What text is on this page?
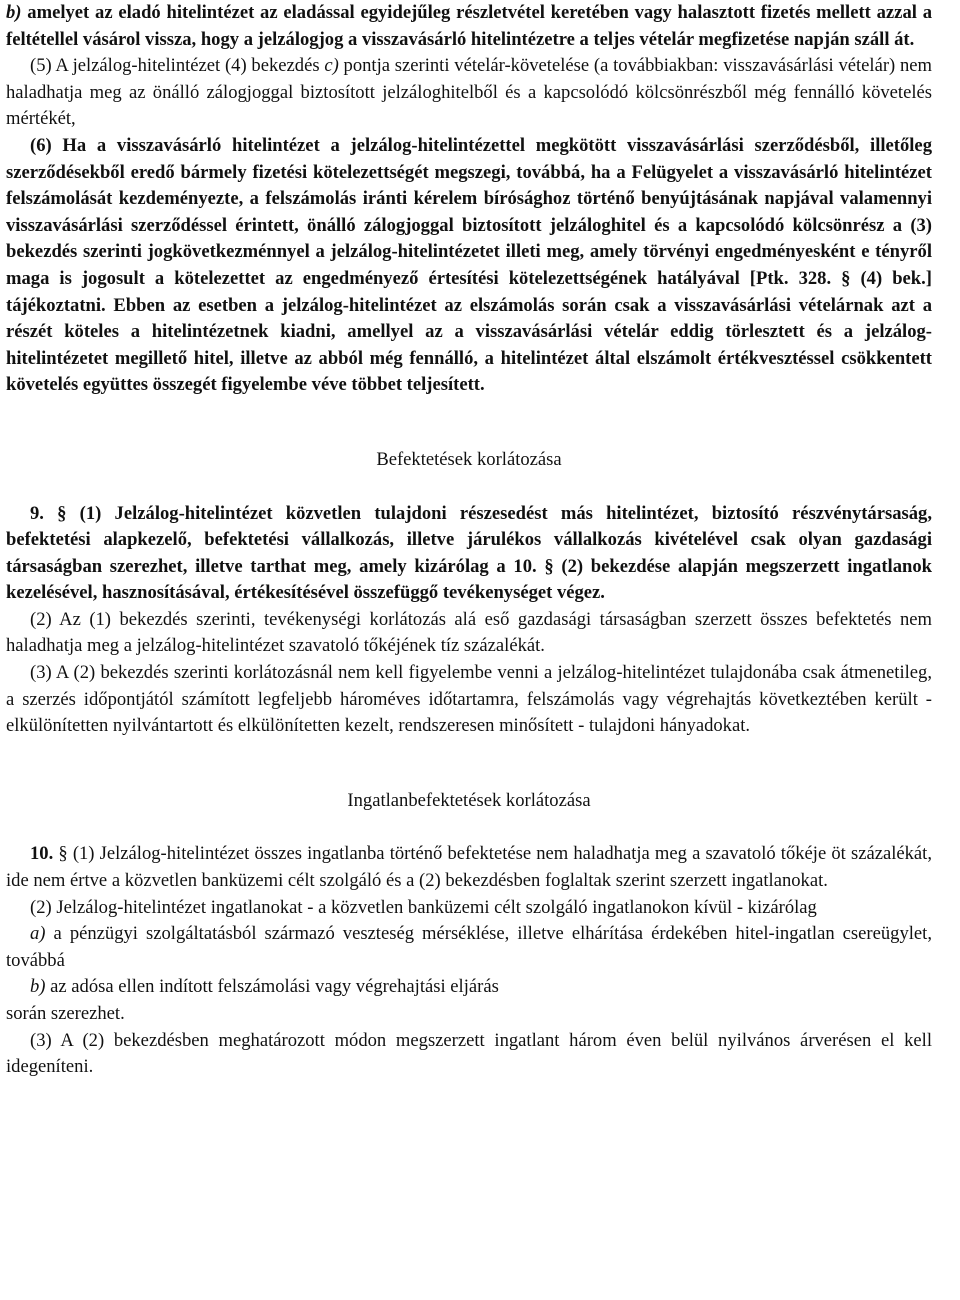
b) amelyet az eladó hitelintézet az eladással egyidejűleg részletvétel keretében vagy halasztott fizetés mellett azzal a feltétellel vásárol vissza, hogy a jelzálogjog a visszavásárló hitelintézetre a teljes vételár megfizetése napján száll át.

(5) A jelzálog-hitelintézet (4) bekezdés c) pontja szerinti vételár-követelése (a továbbiakban: visszavásárlási vételár) nem haladhatja meg az önálló zálogjoggal biztosított jelzáloghitelből és a kapcsolódó kölcsönrészből még fennálló követelés mértékét,

(6) Ha a visszavásárló hitelintézet a jelzálog-hitelintézettel megkötött visszavásárlási szerződésből, illetőleg szerződésekből eredő bármely fizetési kötelezettségét megszegi, továbbá, ha a Felügyelet a visszavásárló hitelintézet felszámolását kezdeményezte, a felszámolás iránti kérelem bírósághoz történő benyújtásának napjával valamennyi visszavásárlási szerződéssel érintett, önálló zálogjoggal biztosított jelzáloghitel és a kapcsolódó kölcsönrész a (3) bekezdés szerinti jogkövetkezménnyel a jelzálog-hitelintézetet illeti meg, amely törvényi engedményesként e tényről maga is jogosult a kötelezettet az engedményező értesítési kötelezettségének hatályával [Ptk. 328. § (4) bek.] tájékoztatni. Ebben az esetben a jelzálog-hitelintézet az elszámolás során csak a visszavásárlási vételárnak azt a részét köteles a hitelintézetnek kiadni, amellyel az a visszavásárlási vételár eddig törlesztett és a jelzálog-hitelintézetet megillető hitel, illetve az abból még fennálló, a hitelintézet által elszámolt értékvesztéssel csökkentett követelés együttes összegét figyelembe véve többet teljesített.

Befektetések korlátozása

9. § (1) Jelzálog-hitelintézet közvetlen tulajdoni részesedést más hitelintézet, biztosító részvénytársaság, befektetési alapkezelő, befektetési vállalkozás, illetve járulékos vállalkozás kivételével csak olyan gazdasági társaságban szerezhet, illetve tarthat meg, amely kizárólag a 10. § (2) bekezdése alapján megszerzett ingatlanok kezelésével, hasznosításával, értékesítésével összefüggő tevékenységet végez.

(2) Az (1) bekezdés szerinti, tevékenységi korlátozás alá eső gazdasági társaságban szerzett összes befektetés nem haladhatja meg a jelzálog-hitelintézet szavatoló tőkéjének tíz százalékát.

(3) A (2) bekezdés szerinti korlátozásnál nem kell figyelembe venni a jelzálog-hitelintézet tulajdonába csak átmenetileg, a szerzés időpontjától számított legfeljebb hároméves időtartamra, felszámolás vagy végrehajtás következtében került - elkülönítetten nyilvántartott és elkülönítetten kezelt, rendszeresen minősített - tulajdoni hányadokat.

Ingatlanbefektetések korlátozása

10. § (1) Jelzálog-hitelintézet összes ingatlanba történő befektetése nem haladhatja meg a szavatoló tőkéje öt százalékát, ide nem értve a közvetlen banküzemi célt szolgáló és a (2) bekezdésben foglaltak szerint szerzett ingatlanokat.

(2) Jelzálog-hitelintézet ingatlanokat - a közvetlen banküzemi célt szolgáló ingatlanokon kívül - kizárólag

a) a pénzügyi szolgáltatásból származó veszteség mérséklése, illetve elhárítása érdekében hitel-ingatlan csereügylet, továbbá

b) az adósa ellen indított felszámolási vagy végrehajtási eljárás

során szerezhet.

(3) A (2) bekezdésben meghatározott módon megszerzett ingatlant három éven belül nyilvános árverésen el kell idegeníteni.
